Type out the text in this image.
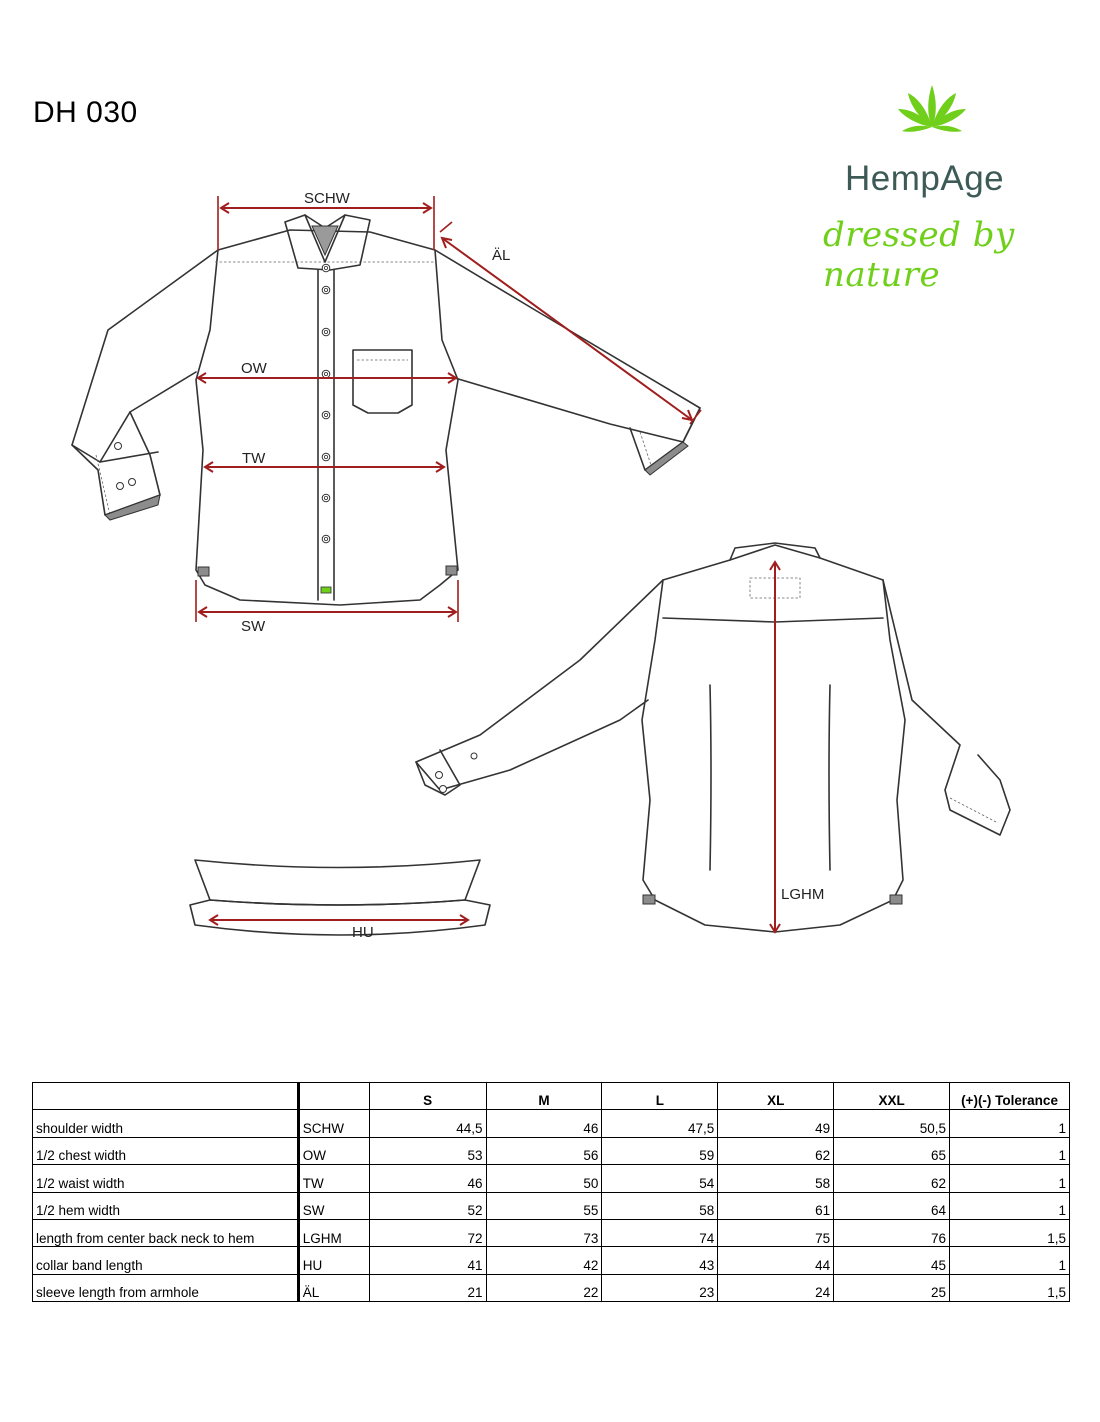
DH 030
HempAge
dressed by nature
SCHW
ÄL
OW
TW
SW
LGHM
HU
		S	M	L	XL	XXL	(+)(-) Tolerance
shoulder width	SCHW	44,5	46	47,5	49	50,5	1
1/2 chest width	OW	53	56	59	62	65	1
1/2 waist width	TW	46	50	54	58	62	1
1/2 hem width	SW	52	55	58	61	64	1
length from center back neck to hem	LGHM	72	73	74	75	76	1,5
collar band length	HU	41	42	43	44	45	1
sleeve length from armhole	ÄL	21	22	23	24	25	1,5
